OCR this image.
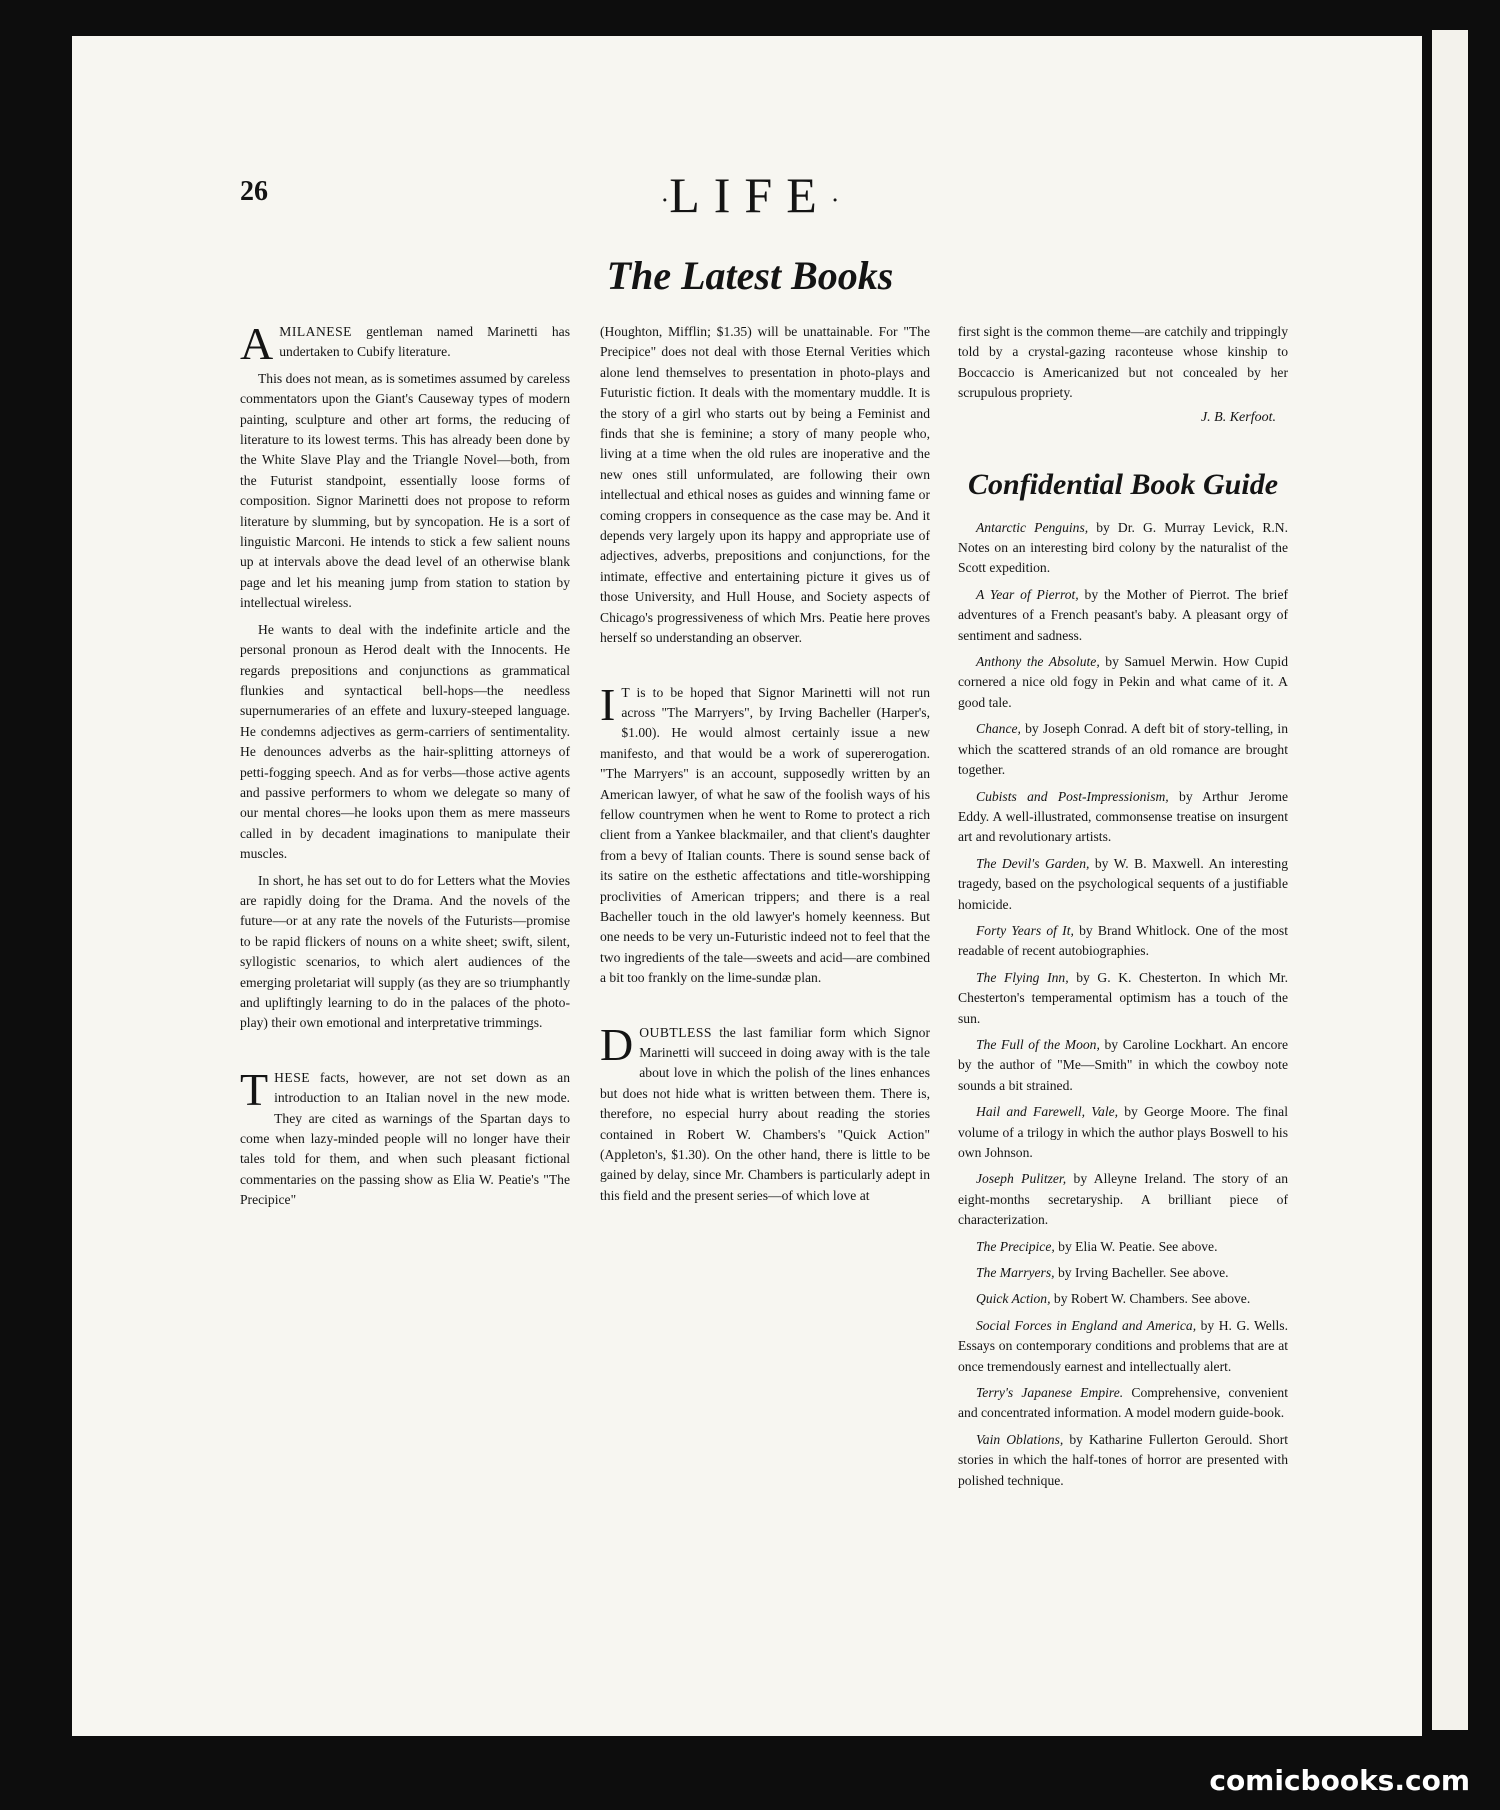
26	·LIFE·
The Latest Books

AMILANESE gentleman named Marinetti has undertaken to Cubify literature.

This does not mean, as is sometimes assumed by careless commentators upon the Giant's Causeway types of modern painting, sculpture and other art forms, the reducing of literature to its lowest terms. This has already been done by the White Slave Play and the Triangle Novel—both, from the Futurist standpoint, essentially loose forms of composition. Signor Marinetti does not propose to reform literature by slumming, but by syncopation. He is a sort of linguistic Marconi. He intends to stick a few salient nouns up at intervals above the dead level of an otherwise blank page and let his meaning jump from station to station by intellectual wireless.

He wants to deal with the indefinite article and the personal pronoun as Herod dealt with the Innocents. He regards prepositions and conjunctions as grammatical flunkies and syntactical bell-hops—the needless supernumeraries of an effete and luxury-steeped language. He condemns adjectives as germ-carriers of sentimentality. He denounces adverbs as the hair-splitting attorneys of petti-fogging speech. And as for verbs—those active agents and passive performers to whom we delegate so many of our mental chores—he looks upon them as mere masseurs called in by decadent imaginations to manipulate their muscles.

In short, he has set out to do for Letters what the Movies are rapidly doing for the Drama. And the novels of the future—or at any rate the novels of the Futurists—promise to be rapid flickers of nouns on a white sheet; swift, silent, syllogistic scenarios, to which alert audiences of the emerging proletariat will supply (as they are so triumphantly and upliftingly learning to do in the palaces of the photo-play) their own emotional and interpretative trimmings.

THESE facts, however, are not set down as an introduction to an Italian novel in the new mode. They are cited as warnings of the Spartan days to come when lazy-minded people will no longer have their tales told for them, and when such pleasant fictional commentaries on the passing show as Elia W. Peatie's "The Precipice"

(Houghton, Mifflin; $1.35) will be unattainable. For "The Precipice" does not deal with those Eternal Verities which alone lend themselves to presentation in photo-plays and Futuristic fiction. It deals with the momentary muddle. It is the story of a girl who starts out by being a Feminist and finds that she is feminine; a story of many people who, living at a time when the old rules are inoperative and the new ones still unformulated, are following their own intellectual and ethical noses as guides and winning fame or coming croppers in consequence as the case may be. And it depends very largely upon its happy and appropriate use of adjectives, adverbs, prepositions and conjunctions, for the intimate, effective and entertaining picture it gives us of those University, and Hull House, and Society aspects of Chicago's progressiveness of which Mrs. Peatie here proves herself so understanding an observer.

I T is to be hoped that Signor Marinetti will not run across "The Marryers", by Irving Bacheller (Harper's, $1.00). He would almost certainly issue a new manifesto, and that would be a work of supererogation. "The Marryers" is an account, supposedly written by an American lawyer, of what he saw of the foolish ways of his fellow countrymen when he went to Rome to protect a rich client from a Yankee blackmailer, and that client's daughter from a bevy of Italian counts. There is sound sense back of its satire on the esthetic affectations and title-worshipping proclivities of American trippers; and there is a real Bacheller touch in the old lawyer's homely keenness. But one needs to be very un-Futuristic indeed not to feel that the two ingredients of the tale—sweets and acid—are combined a bit too frankly on the lime-sundæ plan.

DOUBTLESS the last familiar form which Signor Marinetti will succeed in doing away with is the tale about love in which the polish of the lines enhances but does not hide what is written between them. There is, therefore, no especial hurry about reading the stories contained in Robert W. Chambers's "Quick Action" (Appleton's, $1.30). On the other hand, there is little to be gained by delay, since Mr. Chambers is particularly adept in this field and the present series—of which love at

first sight is the common theme—are catchily and trippingly told by a crystal-gazing raconteuse whose kinship to Boccaccio is Americanized but not concealed by her scrupulous propriety.

J. B. Kerfoot.
Confidential Book Guide

Antarctic Penguins, by Dr. G. Murray Levick, R.N. Notes on an interesting bird colony by the naturalist of the Scott expedition.

A Year of Pierrot, by the Mother of Pierrot. The brief adventures of a French peasant's baby. A pleasant orgy of sentiment and sadness.

Anthony the Absolute, by Samuel Merwin. How Cupid cornered a nice old fogy in Pekin and what came of it. A good tale.

Chance, by Joseph Conrad. A deft bit of story-telling, in which the scattered strands of an old romance are brought together.

Cubists and Post-Impressionism, by Arthur Jerome Eddy. A well-illustrated, commonsense treatise on insurgent art and revolutionary artists.

The Devil's Garden, by W. B. Maxwell. An interesting tragedy, based on the psychological sequents of a justifiable homicide.

Forty Years of It, by Brand Whitlock. One of the most readable of recent autobiographies.

The Flying Inn, by G. K. Chesterton. In which Mr. Chesterton's temperamental optimism has a touch of the sun.

The Full of the Moon, by Caroline Lockhart. An encore by the author of "Me—Smith" in which the cowboy note sounds a bit strained.

Hail and Farewell, Vale, by George Moore. The final volume of a trilogy in which the author plays Boswell to his own Johnson.

Joseph Pulitzer, by Alleyne Ireland. The story of an eight-months secretaryship. A brilliant piece of characterization.

The Precipice, by Elia W. Peatie. See above.

The Marryers, by Irving Bacheller. See above.

Quick Action, by Robert W. Chambers. See above.

Social Forces in England and America, by H. G. Wells. Essays on contemporary conditions and problems that are at once tremendously earnest and intellectually alert.

Terry's Japanese Empire. Comprehensive, convenient and concentrated information. A model modern guide-book.

Vain Oblations, by Katharine Fullerton Gerould. Short stories in which the half-tones of horror are presented with polished technique.

comicbooks.com
